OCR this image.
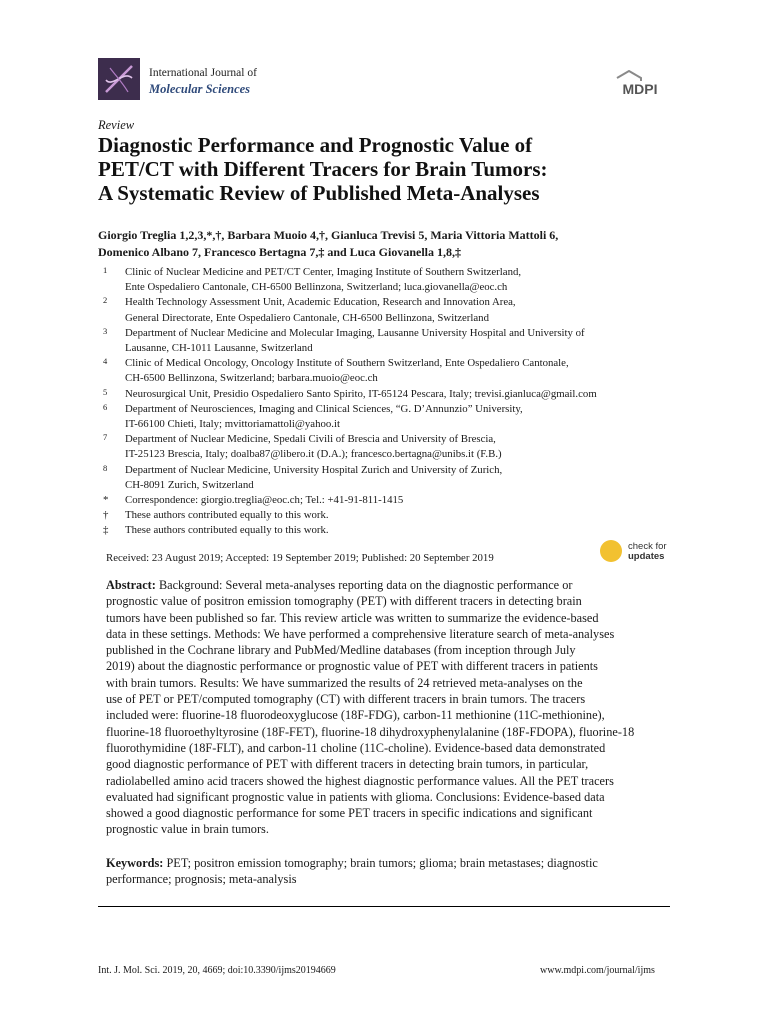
International Journal of
Molecular Sciences	MDPI
Review
Diagnostic Performance and Prognostic Value of
PET/CT with Different Tracers for Brain Tumors:
A Systematic Review of Published Meta-Analyses
Giorgio Treglia 1,2,3,*,†, Barbara Muoio 4,†, Gianluca Trevisi 5, Maria Vittoria Mattoli 6,
Domenico Albano 7, Francesco Bertagna 7,‡ and Luca Giovanella 1,8,‡
1 Clinic of Nuclear Medicine and PET/CT Center, Imaging Institute of Southern Switzerland,
Ente Ospedaliero Cantonale, CH-6500 Bellinzona, Switzerland; luca.giovanella@eoc.ch
2 Health Technology Assessment Unit, Academic Education, Research and Innovation Area,
General Directorate, Ente Ospedaliero Cantonale, CH-6500 Bellinzona, Switzerland
3 Department of Nuclear Medicine and Molecular Imaging, Lausanne University Hospital and University of
Lausanne, CH-1011 Lausanne, Switzerland
4 Clinic of Medical Oncology, Oncology Institute of Southern Switzerland, Ente Ospedaliero Cantonale,
CH-6500 Bellinzona, Switzerland; barbara.muoio@eoc.ch
5 Neurosurgical Unit, Presidio Ospedaliero Santo Spirito, IT-65124 Pescara, Italy; trevisi.gianluca@gmail.com
6 Department of Neurosciences, Imaging and Clinical Sciences, “G. D’Annunzio” University,
IT-66100 Chieti, Italy; mvittoriamattoli@yahoo.it
7 Department of Nuclear Medicine, Spedali Civili of Brescia and University of Brescia,
IT-25123 Brescia, Italy; doalba87@libero.it (D.A.); francesco.bertagna@unibs.it (F.B.)
8 Department of Nuclear Medicine, University Hospital Zurich and University of Zurich,
CH-8091 Zurich, Switzerland
* Correspondence: giorgio.treglia@eoc.ch; Tel.: +41-91-811-1415
† These authors contributed equally to this work.
‡ These authors contributed equally to this work.
Received: 23 August 2019; Accepted: 19 September 2019; Published: 20 September 2019
check for
updates
Abstract: Background: Several meta-analyses reporting data on the diagnostic performance or
prognostic value of positron emission tomography (PET) with different tracers in detecting brain
tumors have been published so far. This review article was written to summarize the evidence-based
data in these settings. Methods: We have performed a comprehensive literature search of meta-analyses
published in the Cochrane library and PubMed/Medline databases (from inception through July
2019) about the diagnostic performance or prognostic value of PET with different tracers in patients
with brain tumors. Results: We have summarized the results of 24 retrieved meta-analyses on the
use of PET or PET/computed tomography (CT) with different tracers in brain tumors. The tracers
included were: fluorine-18 fluorodeoxyglucose (18F-FDG), carbon-11 methionine (11C-methionine),
fluorine-18 fluoroethyltyrosine (18F-FET), fluorine-18 dihydroxyphenylalanine (18F-FDOPA), fluorine-18
fluorothymidine (18F-FLT), and carbon-11 choline (11C-choline). Evidence-based data demonstrated
good diagnostic performance of PET with different tracers in detecting brain tumors, in particular,
radiolabelled amino acid tracers showed the highest diagnostic performance values. All the PET tracers
evaluated had significant prognostic value in patients with glioma. Conclusions: Evidence-based data
showed a good diagnostic performance for some PET tracers in specific indications and significant
prognostic value in brain tumors.
Keywords: PET; positron emission tomography; brain tumors; glioma; brain metastases; diagnostic
performance; prognosis; meta-analysis
Int. J. Mol. Sci. 2019, 20, 4669; doi:10.3390/ijms20194669	www.mdpi.com/journal/ijms
